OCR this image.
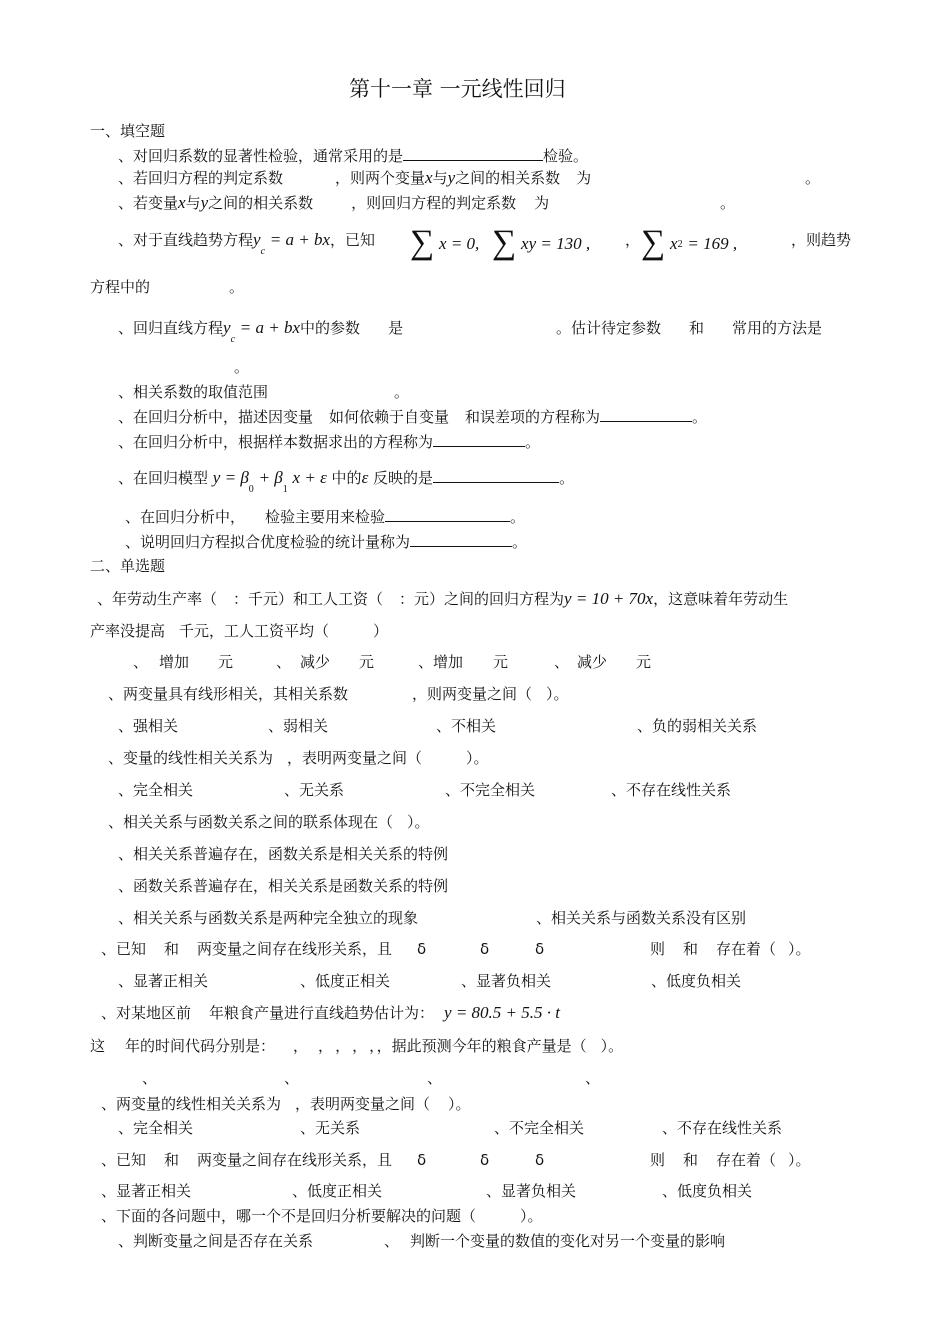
第十一章 一元线性回归
一、填空题
、对回归系数的显著性检验，通常采用的是	检验。
、若回归方程的判定系数	，则两个变量x与y之间的相关系数 为	。
、若变量x与y之间的相关系数	，则回归方程的判定系数 为	。
、对于直线趋势方程$y_c = a$ + bx，已知 ∑ x = 0, ∑ xy = 130 , ， ∑ x2 = 169 ,	，则趋势
方程中的	。
、回归直线方程$y_c = a$ + bx中的参数 是	。估计待定参数 和 常用的方法是
。
、相关系数的取值范围	。
、在回归分析中，描述因变量 如何依赖于自变量 和误差项的方程称为	。
、在回归分析中，根据样本数据求出的方程称为	。
、在回归模型 $y = \beta_0 + \beta_1$ x + ε 中的ε 反映的是	。
、在回归分析中， 检验主要用来检验	。
、说明回归方程拟合优度检验的统计量称为	。
二、单选题
、年劳动生产率（ ：千元）和工人工资（ ：元）之间的回归方程为y = 10 + 70x，这意味着年劳动生
产率没提高 千元，工人工资平均（	）
、 增加 元	、 减少 元	、增加 元	、 减少 元
、两变量具有线形相关，其相关系数	，则两变量之间（ ）。
、强相关	、弱相关	、不相关	、负的弱相关关系
、变量的线性相关关系为 ，表明两变量之间（	）。
、完全相关	、无关系	、不完全相关	、不存在线性关系
、相关关系与函数关系之间的联系体现在（ ）。
、相关关系普遍存在，函数关系是相关关系的特例
、函数关系普遍存在，相关关系是函数关系的特例
、相关关系与函数关系是两种完全独立的现象	、相关关系与函数关系没有区别
、已知 和 两变量之间存在线形关系，且 δ	δ	δ	则 和 存在着（ ）。
、显著正相关	、低度正相关	、显著负相关	、低度负相关
、对某地区前 年粮食产量进行直线趋势估计为： y = 80.5 + 5.5 · t
这 年的时间代码分别是： ， ， ， ， ，，据此预测今年的粮食产量是（ ）。
、	、	、	、
、两变量的线性相关关系为 ，表明两变量之间（ ）。
、完全相关	、无关系	、不完全相关	、不存在线性关系
、已知 和 两变量之间存在线形关系，且 δ	δ	δ	则 和 存在着（ ）。
、显著正相关	、低度正相关	、显著负相关	、低度负相关
、下面的各问题中，哪一个不是回归分析要解决的问题（	）。
、判断变量之间是否存在关系	、 判断一个变量的数值的变化对另一个变量的影响
